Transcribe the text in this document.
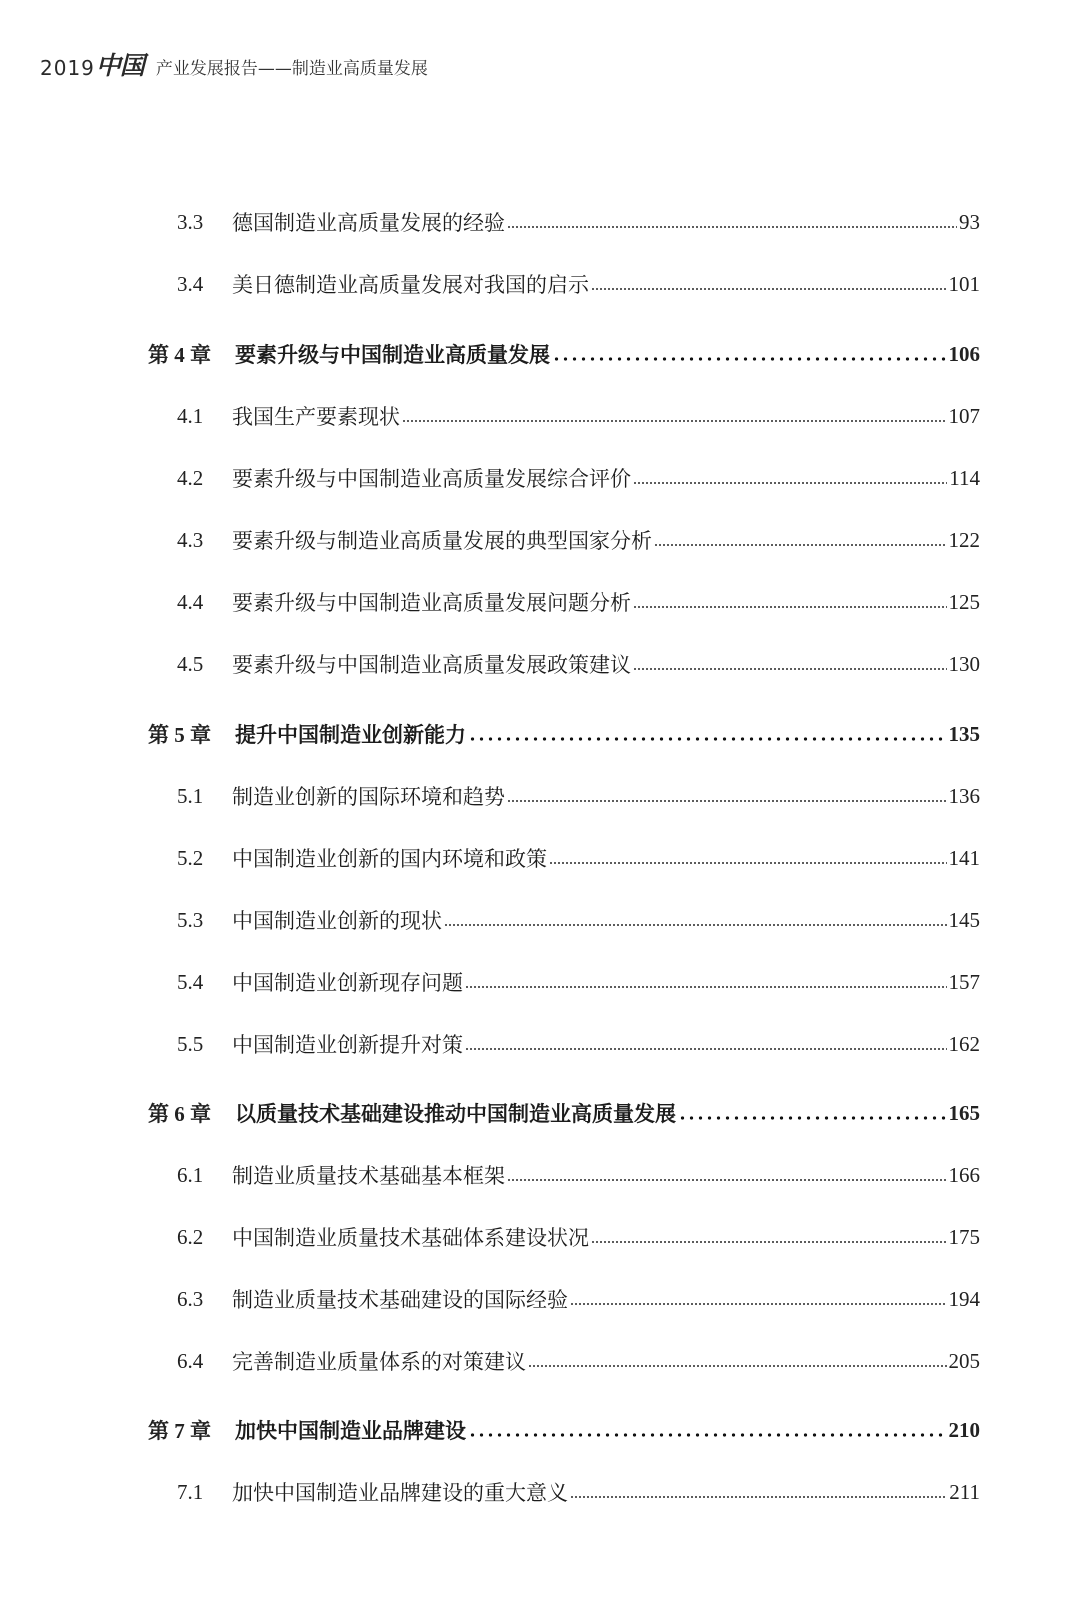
2019 中国 产业发展报告——制造业高质量发展
3.3	德国制造业高质量发展的经验	93
3.4	美日德制造业高质量发展对我国的启示	101
第 4 章 要素升级与中国制造业高质量发展	106
4.1	我国生产要素现状	107
4.2	要素升级与中国制造业高质量发展综合评价	114
4.3	要素升级与制造业高质量发展的典型国家分析	122
4.4	要素升级与中国制造业高质量发展问题分析	125
4.5	要素升级与中国制造业高质量发展政策建议	130
第 5 章 提升中国制造业创新能力	135
5.1	制造业创新的国际环境和趋势	136
5.2	中国制造业创新的国内环境和政策	141
5.3	中国制造业创新的现状	145
5.4	中国制造业创新现存问题	157
5.5	中国制造业创新提升对策	162
第 6 章 以质量技术基础建设推动中国制造业高质量发展	165
6.1	制造业质量技术基础基本框架	166
6.2	中国制造业质量技术基础体系建设状况	175
6.3	制造业质量技术基础建设的国际经验	194
6.4	完善制造业质量体系的对策建议	205
第 7 章 加快中国制造业品牌建设	210
7.1	加快中国制造业品牌建设的重大意义	211
